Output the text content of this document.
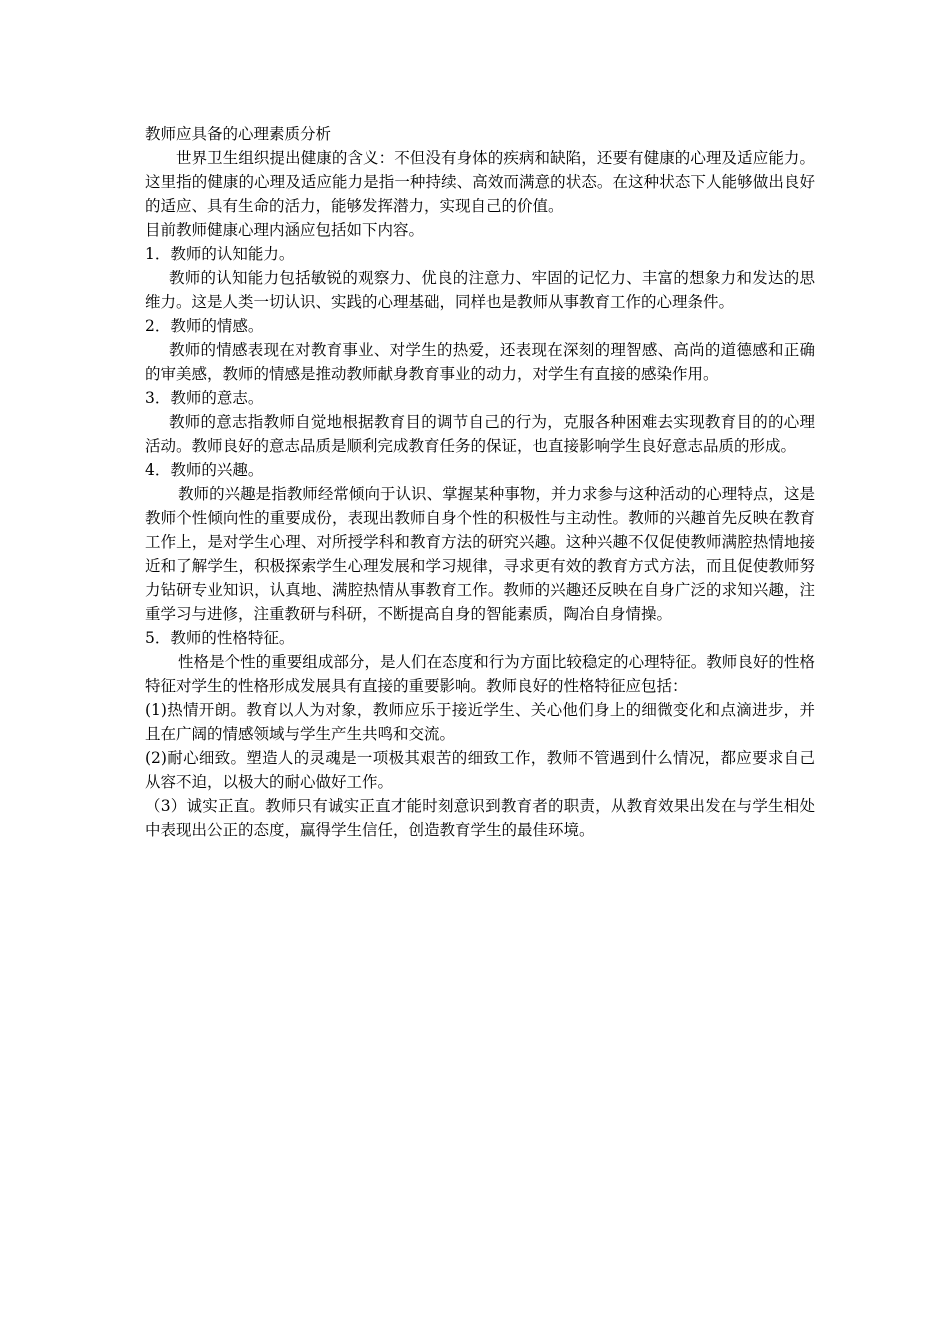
教师应具备的心理素质分析

世界卫生组织提出健康的含义：不但没有身体的疾病和缺陷，还要有健康的心理及适应能力。这里指的健康的心理及适应能力是指一种持续、高效而满意的状态。在这种状态下人能够做出良好的适应、具有生命的活力，能够发挥潜力，实现自己的价值。

目前教师健康心理内涵应包括如下内容。

1．教师的认知能力。

教师的认知能力包括敏锐的观察力、优良的注意力、牢固的记忆力、丰富的想象力和发达的思维力。这是人类一切认识、实践的心理基础，同样也是教师从事教育工作的心理条件。

2．教师的情感。

教师的情感表现在对教育事业、对学生的热爱，还表现在深刻的理智感、高尚的道德感和正确的审美感，教师的情感是推动教师献身教育事业的动力，对学生有直接的感染作用。

3．教师的意志。

教师的意志指教师自觉地根据教育目的调节自己的行为，克服各种困难去实现教育目的的心理活动。教师良好的意志品质是顺利完成教育任务的保证，也直接影响学生良好意志品质的形成。

4．教师的兴趣。

教师的兴趣是指教师经常倾向于认识、掌握某种事物，并力求参与这种活动的心理特点，这是教师个性倾向性的重要成份，表现出教师自身个性的积极性与主动性。教师的兴趣首先反映在教育工作上，是对学生心理、对所授学科和教育方法的研究兴趣。这种兴趣不仅促使教师满腔热情地接近和了解学生，积极探索学生心理发展和学习规律，寻求更有效的教育方式方法，而且促使教师努力钻研专业知识，认真地、满腔热情从事教育工作。教师的兴趣还反映在自身广泛的求知兴趣，注重学习与进修，注重教研与科研，不断提高自身的智能素质，陶冶自身情操。

5．教师的性格特征。

性格是个性的重要组成部分，是人们在态度和行为方面比较稳定的心理特征。教师良好的性格特征对学生的性格形成发展具有直接的重要影响。教师良好的性格特征应包括：

(1)热情开朗。教育以人为对象，教师应乐于接近学生、关心他们身上的细微变化和点滴进步，并且在广阔的情感领域与学生产生共鸣和交流。

(2)耐心细致。塑造人的灵魂是一项极其艰苦的细致工作，教师不管遇到什么情况，都应要求自己从容不迫，以极大的耐心做好工作。

（3）诚实正直。教师只有诚实正直才能时刻意识到教育者的职责，从教育效果出发在与学生相处中表现出公正的态度，赢得学生信任，创造教育学生的最佳环境。
